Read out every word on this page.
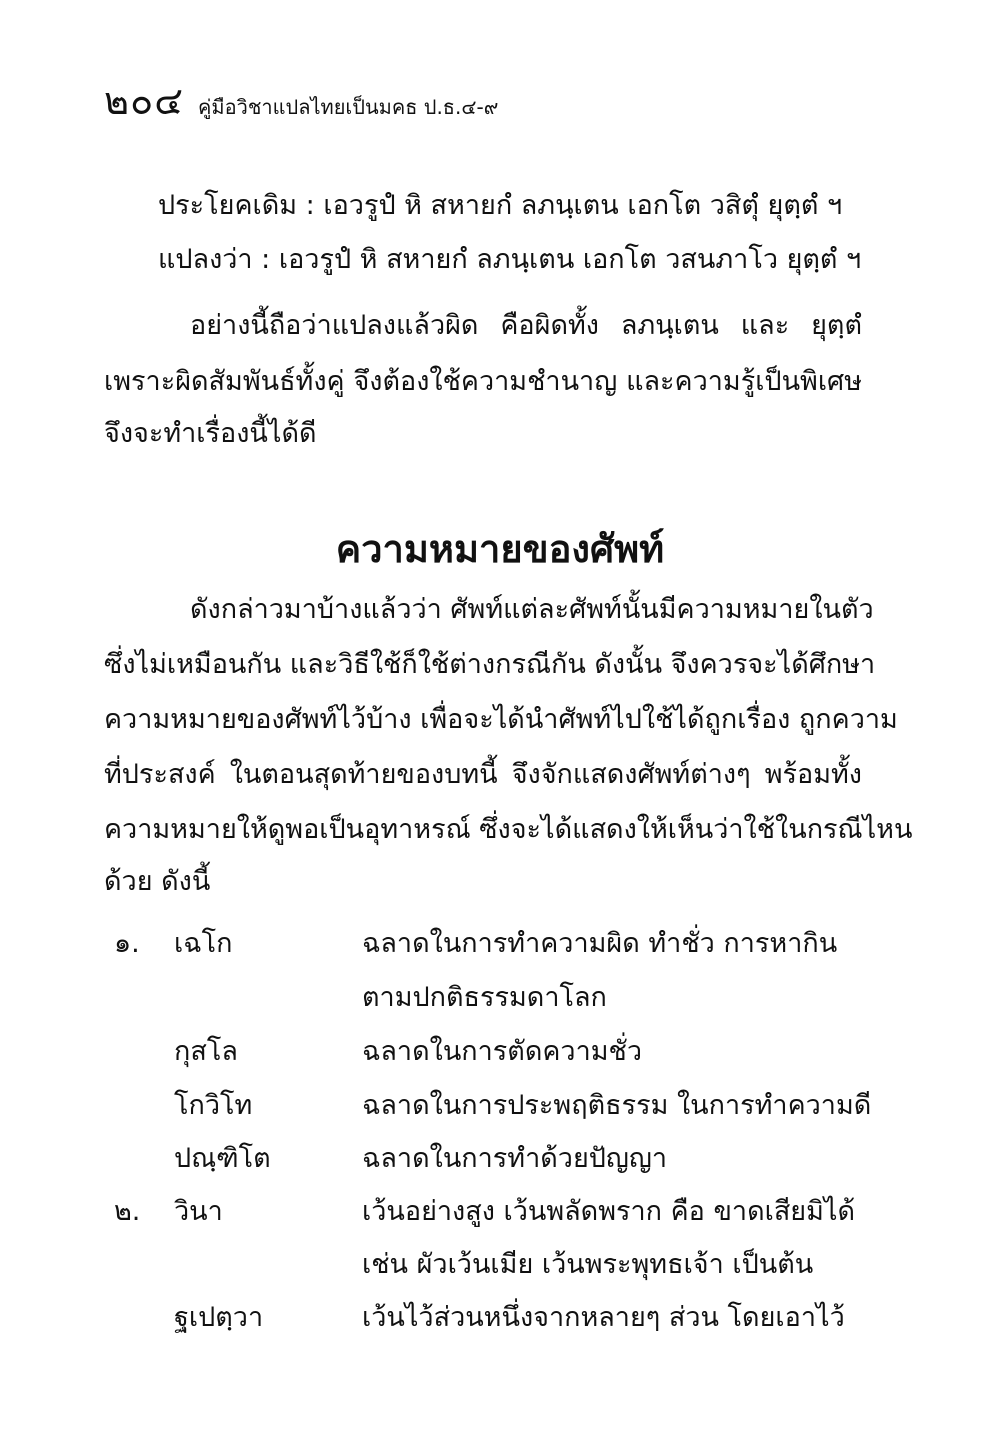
๒๐๔ คู่มือวิชาแปลไทยเป็นมคธ ป.ธ.๔-๙
ประโยคเดิม : เอวรูปํ หิ สหายกํ ลภนฺเตน เอกโต วสิตุํ ยุตฺตํ ฯ
แปลงว่า : เอวรูปํ หิ สหายกํ ลภนฺเตน เอกโต วสนภาโว ยุตฺตํ ฯ
อย่างนี้ถือว่าแปลงแล้วผิด คือผิดทั้ง ลภนฺเตน และ ยุตฺตํ
เพราะผิดสัมพันธ์ทั้งคู่ จึงต้องใช้ความชำนาญ และความรู้เป็นพิเศษ
จึงจะทำเรื่องนี้ได้ดี
ความหมายของศัพท์
ดังกล่าวมาบ้างแล้วว่า ศัพท์แต่ละศัพท์นั้นมีความหมายในตัว
ซึ่งไม่เหมือนกัน และวิธีใช้ก็ใช้ต่างกรณีกัน ดังนั้น จึงควรจะได้ศึกษา
ความหมายของศัพท์ไว้บ้าง เพื่อจะได้นำศัพท์ไปใช้ได้ถูกเรื่อง ถูกความ
ที่ประสงค์ ในตอนสุดท้ายของบทนี้ จึงจักแสดงศัพท์ต่างๆ พร้อมทั้ง
ความหมายให้ดูพอเป็นอุทาหรณ์ ซึ่งจะได้แสดงให้เห็นว่าใช้ในกรณีไหน
ด้วย ดังนี้
๑. เฉโก	ฉลาดในการทำความผิด ทำชั่ว การหากิน
ตามปกติธรรมดาโลก
กุสโล	ฉลาดในการตัดความชั่ว
โกวิโท	ฉลาดในการประพฤติธรรม ในการทำความดี
ปณฺฑิโต	ฉลาดในการทำด้วยปัญญา
๒. วินา	เว้นอย่างสูง เว้นพลัดพราก คือ ขาดเสียมิได้
เช่น ผัวเว้นเมีย เว้นพระพุทธเจ้า เป็นต้น
ฐเปตฺวา	เว้นไว้ส่วนหนึ่งจากหลายๆ ส่วน โดยเอาไว้
